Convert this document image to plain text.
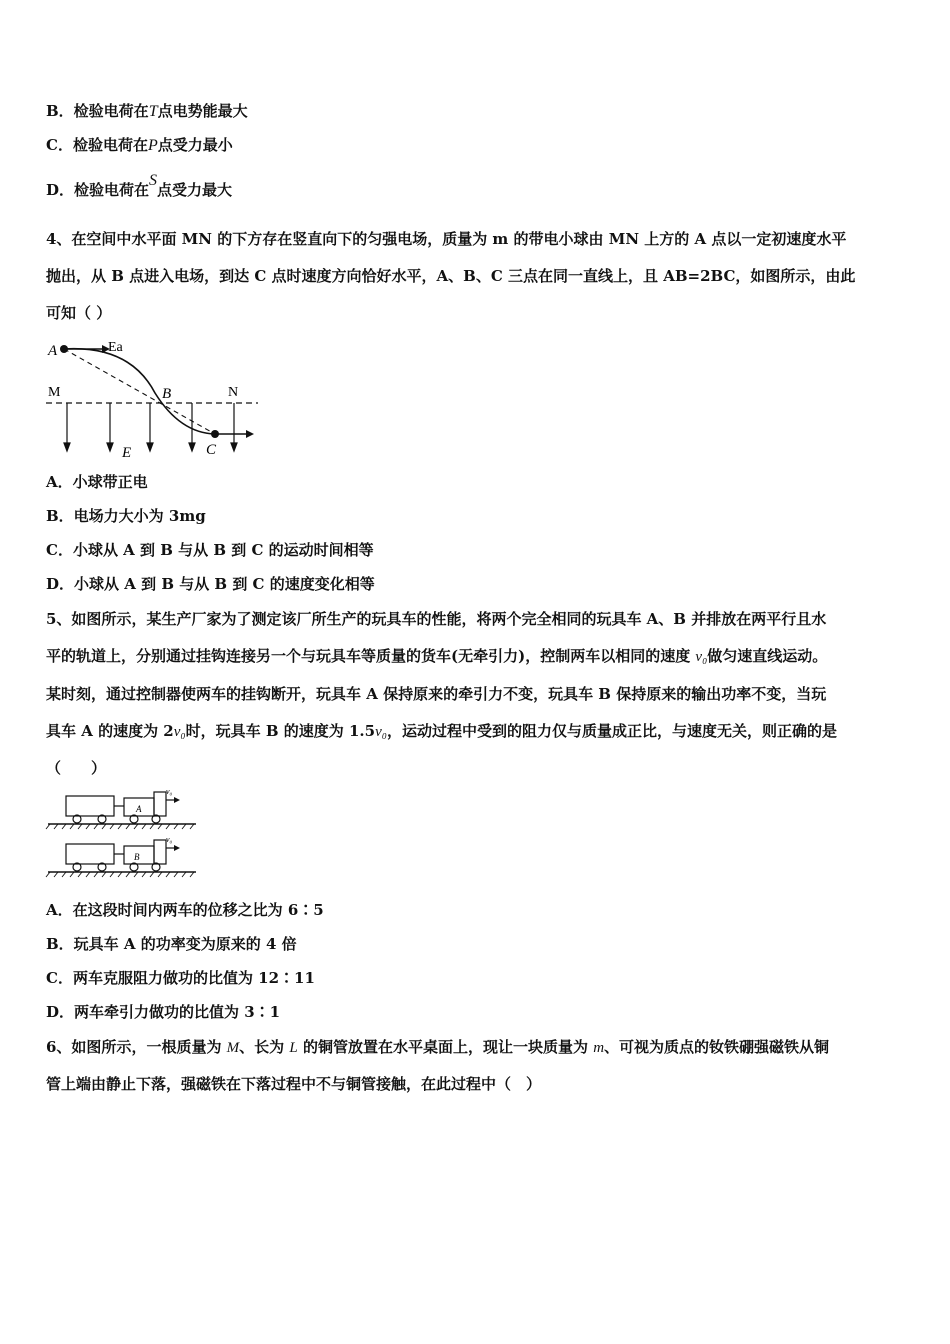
B．检验电荷在T点电势能最大
C．检验电荷在P点受力最小
D．检验电荷在S点受力最大
4、在空间中水平面 MN 的下方存在竖直向下的匀强电场，质量为 m 的带电小球由 MN 上方的 A 点以一定初速度水平
抛出，从 B 点进入电场，到达 C 点时速度方向恰好水平，A、B、C 三点在同一直线上，且 AB=2BC，如图所示，由此
可知（ ）
A	Ea
M	B	N
E	C
A．小球带正电
B．电场力大小为 3mg
C．小球从 A 到 B 与从 B 到 C 的运动时间相等
D．小球从 A 到 B 与从 B 到 C 的速度变化相等
5、如图所示，某生产厂家为了测定该厂所生产的玩具车的性能，将两个完全相同的玩具车 A、B 并排放在两平行且水
平的轨道上，分别通过挂钩连接另一个与玩具车等质量的货车(无牵引力)，控制两车以相同的速度 v₀做匀速直线运动。
某时刻，通过控制器使两车的挂钩断开，玩具车 A 保持原来的牵引力不变，玩具车 B 保持原来的输出功率不变，当玩
具车 A 的速度为 2v₀时，玩具车 B 的速度为 1.5v₀，运动过程中受到的阻力仅与质量成正比，与速度无关，则正确的是
（　　）
A
v₀
B
v₀
A．在这段时间内两车的位移之比为 6∶5
B．玩具车 A 的功率变为原来的 4 倍
C．两车克服阻力做功的比值为 12∶11
D．两车牵引力做功的比值为 3∶1
6、如图所示，一根质量为 M、长为 L 的铜管放置在水平桌面上，现让一块质量为 m、可视为质点的钕铁硼强磁铁从铜
管上端由静止下落，强磁铁在下落过程中不与铜管接触，在此过程中（　）
